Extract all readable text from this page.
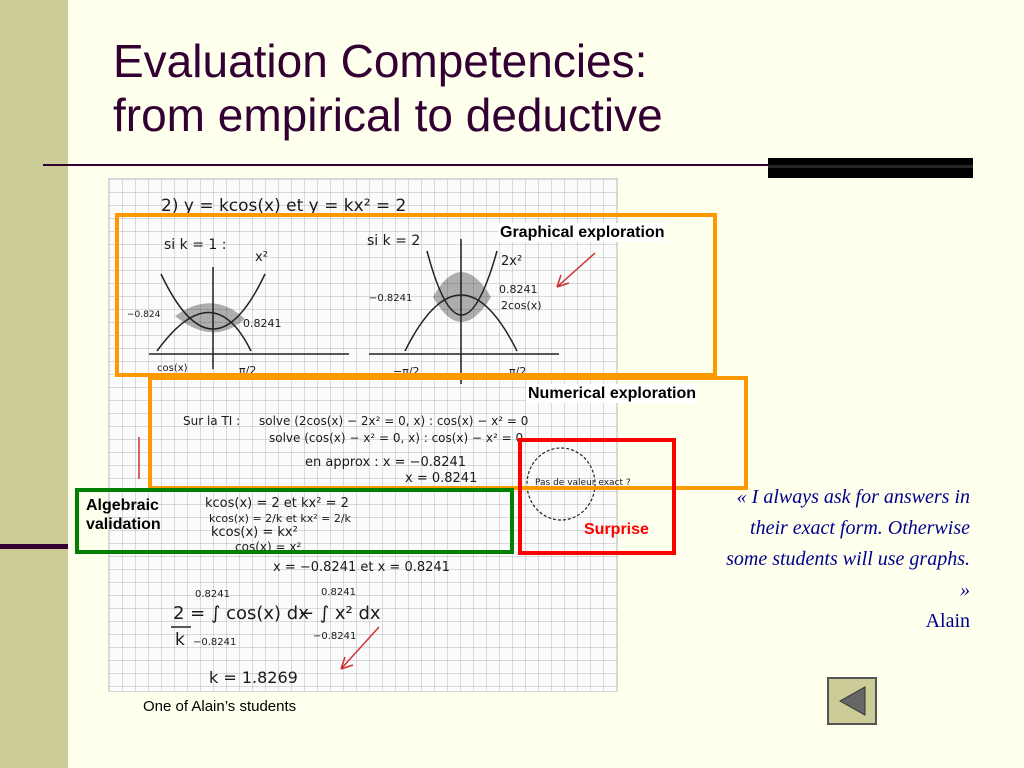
Evaluation Competencies:
from empirical to deductive
2) y = kcos(x) et y = kx² = 2
si k = 1 :
x²
−0.824
0.8241
cos(x)	π/2
si k = 2
2x²
−0.8241
0.8241
2cos(x)
−π/2	π/2
Sur la TI : solve (2cos(x) − 2x² = 0, x) : cos(x) − x² = 0
solve (cos(x) − x² = 0, x) : cos(x) − x² = 0
en approx : x = −0.8241
x = 0.8241	Pas de valeur exact ?
kcos(x) = 2 et kx² = 2
kcos(x) = 2/k et kx² = 2/k
kcos(x) = kx²
cos(x) = x²
x = −0.8241 et x = 0.8241
0.8241	0.8241
2 = ∫ cos(x) dx
− ∫ x² dx
k −0.8241
−0.8241
k = 1.8269
Graphical exploration
Numerical exploration
Algebraic validation	Surprise
« I always ask for answers in their exact form. Otherwise some students will use graphs. »
Alain
One of Alain’s students
